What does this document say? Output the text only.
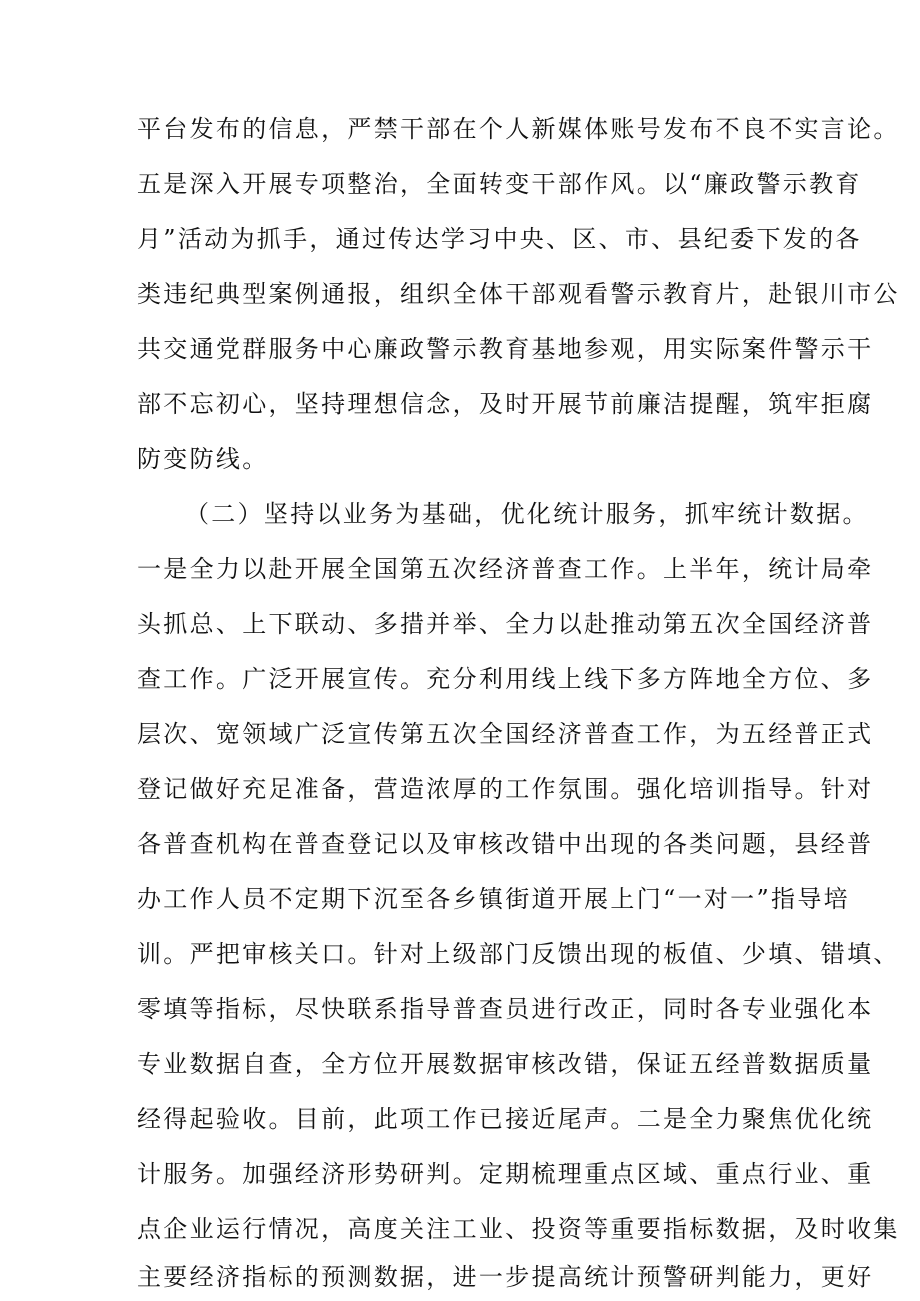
平台发布的信息，严禁干部在个人新媒体账号发布不良不实言论。
五是深入开展专项整治，全面转变干部作风。以“廉政警示教育
月”活动为抓手，通过传达学习中央、区、市、县纪委下发的各
类违纪典型案例通报，组织全体干部观看警示教育片，赴银川市公
共交通党群服务中心廉政警示教育基地参观，用实际案件警示干
部不忘初心，坚持理想信念，及时开展节前廉洁提醒，筑牢拒腐
防变防线。
（二）坚持以业务为基础，优化统计服务，抓牢统计数据。
一是全力以赴开展全国第五次经济普查工作。上半年，统计局牵
头抓总、上下联动、多措并举、全力以赴推动第五次全国经济普
查工作。广泛开展宣传。充分利用线上线下多方阵地全方位、多
层次、宽领域广泛宣传第五次全国经济普查工作，为五经普正式
登记做好充足准备，营造浓厚的工作氛围。强化培训指导。针对
各普查机构在普查登记以及审核改错中出现的各类问题，县经普
办工作人员不定期下沉至各乡镇街道开展上门“一对一”指导培
训。严把审核关口。针对上级部门反馈出现的板值、少填、错填、
零填等指标，尽快联系指导普查员进行改正，同时各专业强化本
专业数据自查，全方位开展数据审核改错，保证五经普数据质量
经得起验收。目前，此项工作已接近尾声。二是全力聚焦优化统
计服务。加强经济形势研判。定期梳理重点区域、重点行业、重
点企业运行情况，高度关注工业、投资等重要指标数据，及时收集
主要经济指标的预测数据，进一步提高统计预警研判能力，更好
